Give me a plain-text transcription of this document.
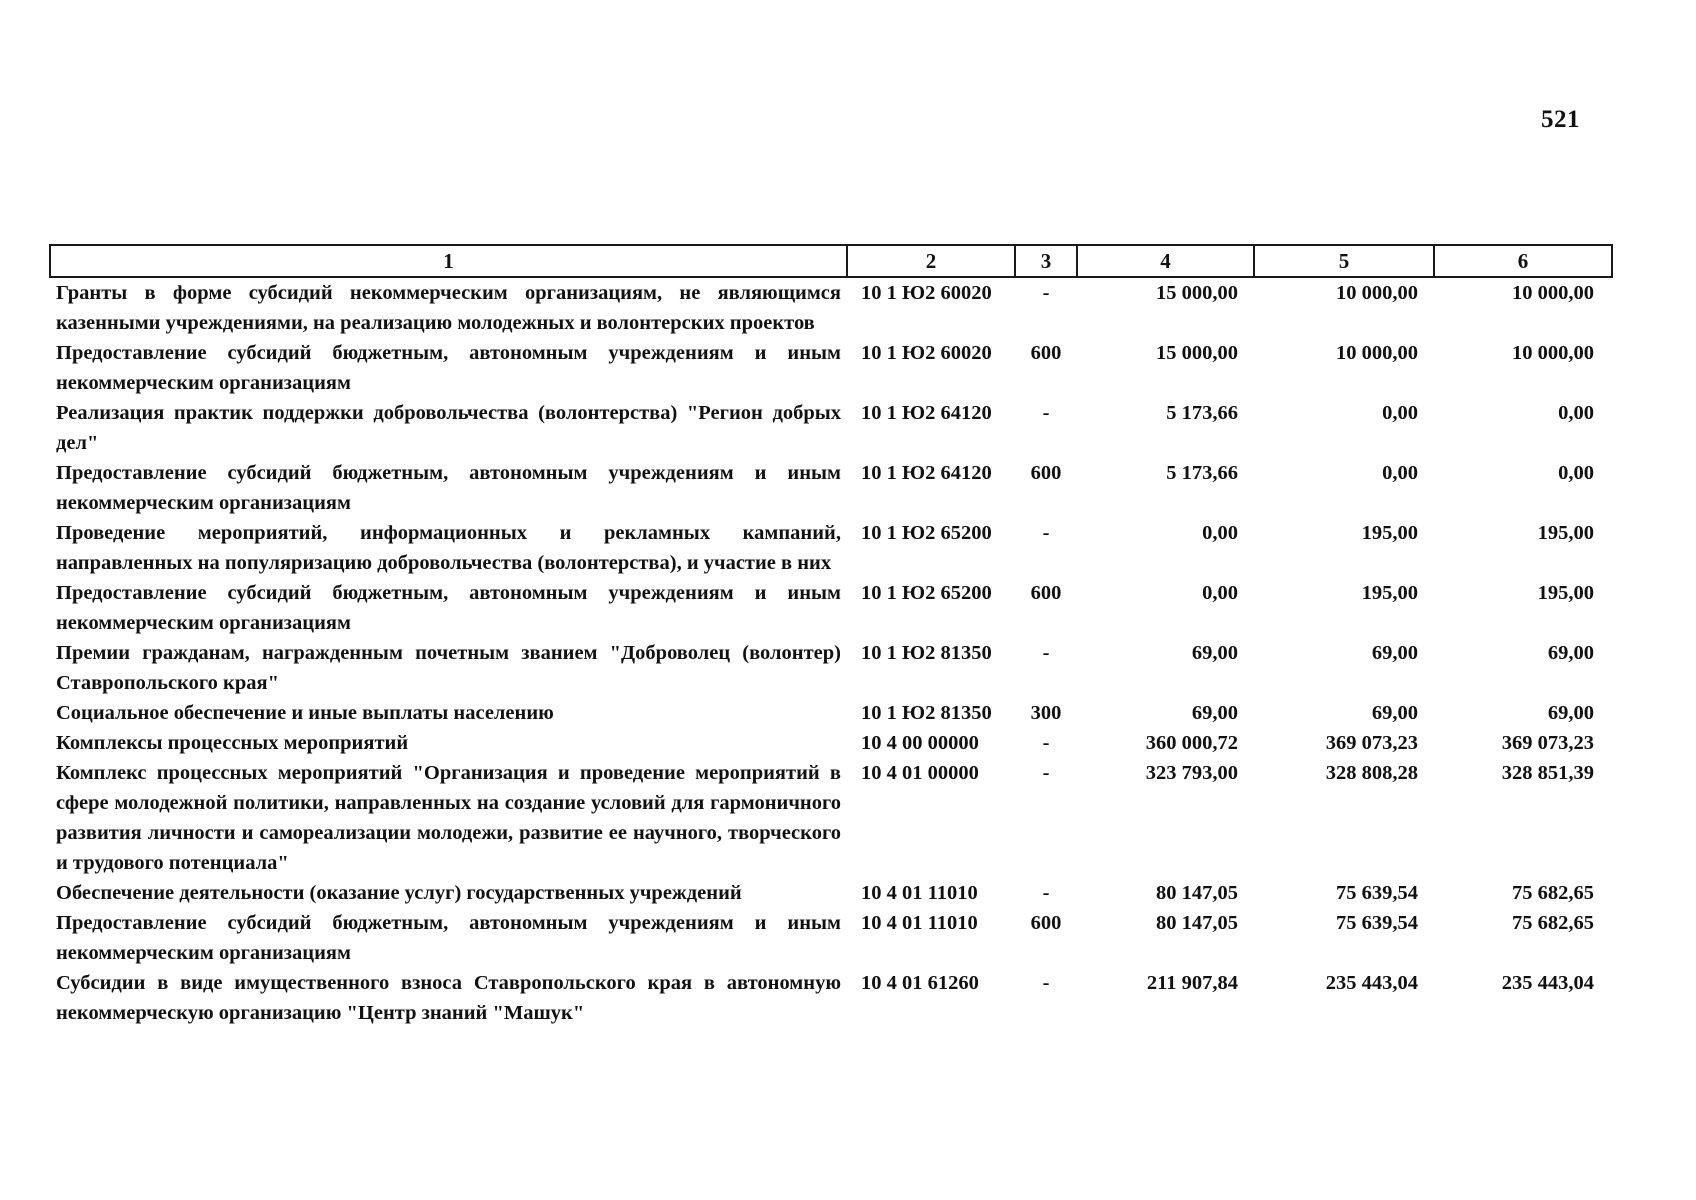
521
1	2	3	4	5	6
Гранты в форме субсидий некоммерческим организациям, не являющимся казенными учреждениями, на реализацию молодежных и волонтерских проектов	10 1 Ю2 60020	-	15 000,00	10 000,00	10 000,00
Предоставление субсидий бюджетным, автономным учреждениям и иным некоммерческим организациям	10 1 Ю2 60020	600	15 000,00	10 000,00	10 000,00
Реализация практик поддержки добровольчества (волонтерства) "Регион добрых дел"	10 1 Ю2 64120	-	5 173,66	0,00	0,00
Предоставление субсидий бюджетным, автономным учреждениям и иным некоммерческим организациям	10 1 Ю2 64120	600	5 173,66	0,00	0,00
Проведение мероприятий, информационных и рекламных кампаний, направленных на популяризацию добровольчества (волонтерства), и участие в них	10 1 Ю2 65200	-	0,00	195,00	195,00
Предоставление субсидий бюджетным, автономным учреждениям и иным некоммерческим организациям	10 1 Ю2 65200	600	0,00	195,00	195,00
Премии гражданам, награжденным почетным званием "Доброволец (волонтер) Ставропольского края"	10 1 Ю2 81350	-	69,00	69,00	69,00
Социальное обеспечение и иные выплаты населению	10 1 Ю2 81350	300	69,00	69,00	69,00
Комплексы процессных мероприятий	10 4 00 00000	-	360 000,72	369 073,23	369 073,23
Комплекс процессных мероприятий "Организация и проведение мероприятий в сфере молодежной политики, направленных на создание условий для гармоничного развития личности и самореализации молодежи, развитие ее научного, творческого и трудового потенциала"	10 4 01 00000	-	323 793,00	328 808,28	328 851,39
Обеспечение деятельности (оказание услуг) государственных учреждений	10 4 01 11010	-	80 147,05	75 639,54	75 682,65
Предоставление субсидий бюджетным, автономным учреждениям и иным некоммерческим организациям	10 4 01 11010	600	80 147,05	75 639,54	75 682,65
Субсидии в виде имущественного взноса Ставропольского края в автономную некоммерческую организацию "Центр знаний "Машук"	10 4 01 61260	-	211 907,84	235 443,04	235 443,04
